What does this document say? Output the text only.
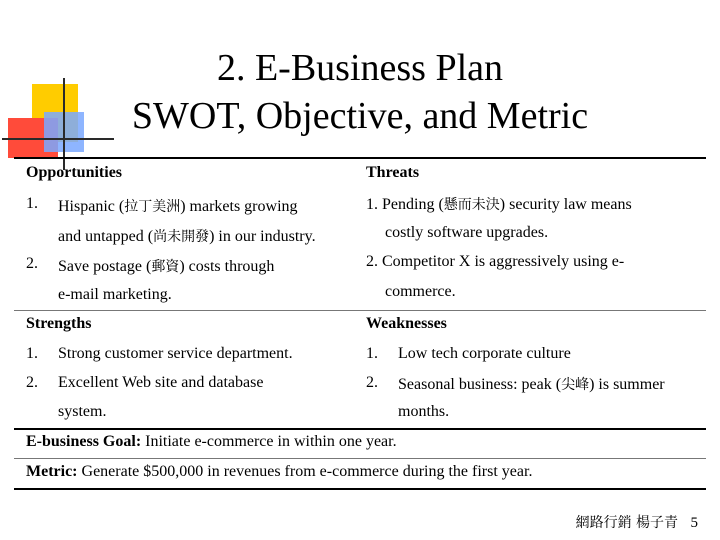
2. E-Business Plan
SWOT, Objective, and Metric
Opportunities
1. Hispanic (拉丁美洲) markets growing
and untapped (尚未開發) in our industry.
2. Save postage (郵資) costs through
e-mail marketing.
Threats
1. Pending (懸而未決) security law means
costly software upgrades.
2. Competitor X is aggressively using e-
commerce.
Strengths
1. Strong customer service department.
2. Excellent Web site and database
system.
Weaknesses
1. Low tech corporate culture
2. Seasonal business: peak (尖峰) is summer
months.
E-business Goal: Initiate e-commerce in within one year.
Metric: Generate $500,000 in revenues from e-commerce during the first year.
網路行銷 楊子青 5
